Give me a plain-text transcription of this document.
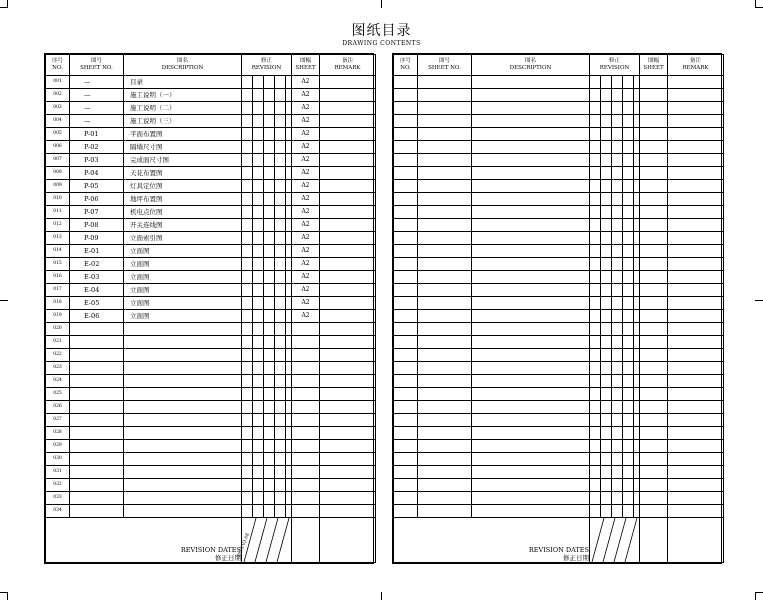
图纸目录
DRAWING CONTENTS
序号
NO.	图号
SHEET NO.	图名
DESCRIPTION	修正
REVISION					图幅
SHEET	备注
REMARK

001	—	目录						A2	
002	—	施工说明（一）						A2	
003	—	施工说明（二）						A2	
004	—	施工说明（三）						A2	
005	P-01	平面布置图						A2	
006	P-02	隔墙尺寸图						A2	
007	P-03	完成面尺寸图						A2	
008	P-04	天花布置图						A2	
009	P-05	灯具定位图						A2	
010	P-06	地坪布置图						A2	
011	P-07	机电点位图						A2	
012	P-08	开关连线图						A2	
013	P-09	立面索引图						A2	
014	E-01	立面图						A2	
015	E-02	立面图						A2	
016	E-03	立面图						A2	
017	E-04	立面图						A2	
018	E-05	立面图						A2	
019	E-06	立面图						A2	
020									
021									
022									
023									
024									
025									
026									
027									
028									
029									
030									
031									
032									
033									
034									

REVISION DATES
修正日期			2018.03.08						

序号
NO.	图号
SHEET NO.	图名
DESCRIPTION	修正
REVISION					图幅
SHEET	备注
REMARK

REVISION DATES
修正日期
